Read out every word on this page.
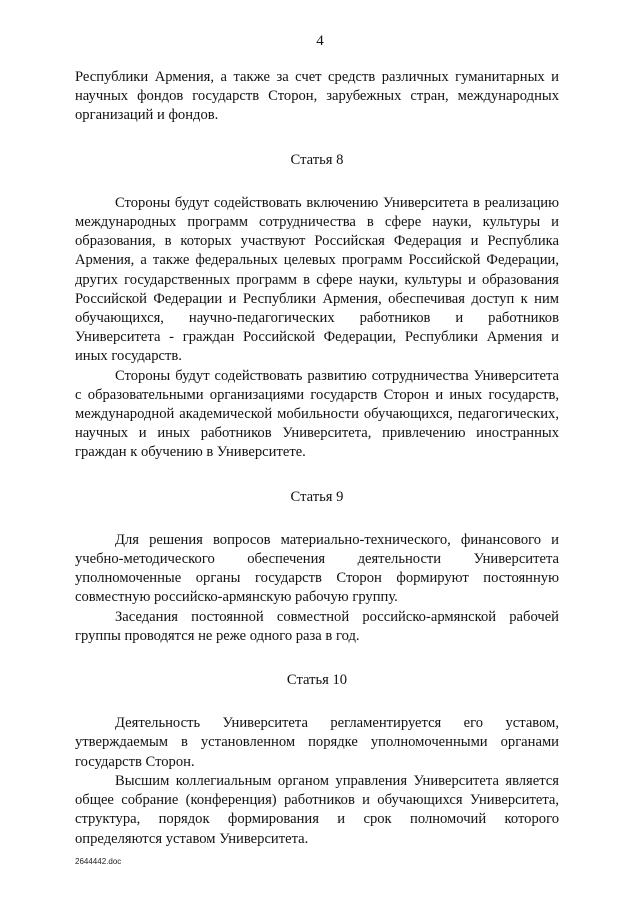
4

Республики Армения, а также за счет средств различных гуманитарных и научных фондов государств Сторон, зарубежных стран, международных организаций и фондов.

Статья 8

Стороны будут содействовать включению Университета в реализацию международных программ сотрудничества в сфере науки, культуры и образования, в которых участвуют Российская Федерация и Республика Армения, а также федеральных целевых программ Российской Федерации, других государственных программ в сфере науки, культуры и образования Российской Федерации и Республики Армения, обеспечивая доступ к ним обучающихся, научно-педагогических работников и работников Университета - граждан Российской Федерации, Республики Армения и иных государств.

Стороны будут содействовать развитию сотрудничества Университета с образовательными организациями государств Сторон и иных государств, международной академической мобильности обучающихся, педагогических, научных и иных работников Университета, привлечению иностранных граждан к обучению в Университете.

Статья 9

Для решения вопросов материально-технического, финансового и учебно-методического обеспечения деятельности Университета уполномоченные органы государств Сторон формируют постоянную совместную российско-армянскую рабочую группу.

Заседания постоянной совместной российско-армянской рабочей группы проводятся не реже одного раза в год.

Статья 10

Деятельность Университета регламентируется его уставом, утверждаемым в установленном порядке уполномоченными органами государств Сторон.

Высшим коллегиальным органом управления Университета является общее собрание (конференция) работников и обучающихся Университета, структура, порядок формирования и срок полномочий которого определяются уставом Университета.

2644442.doc
